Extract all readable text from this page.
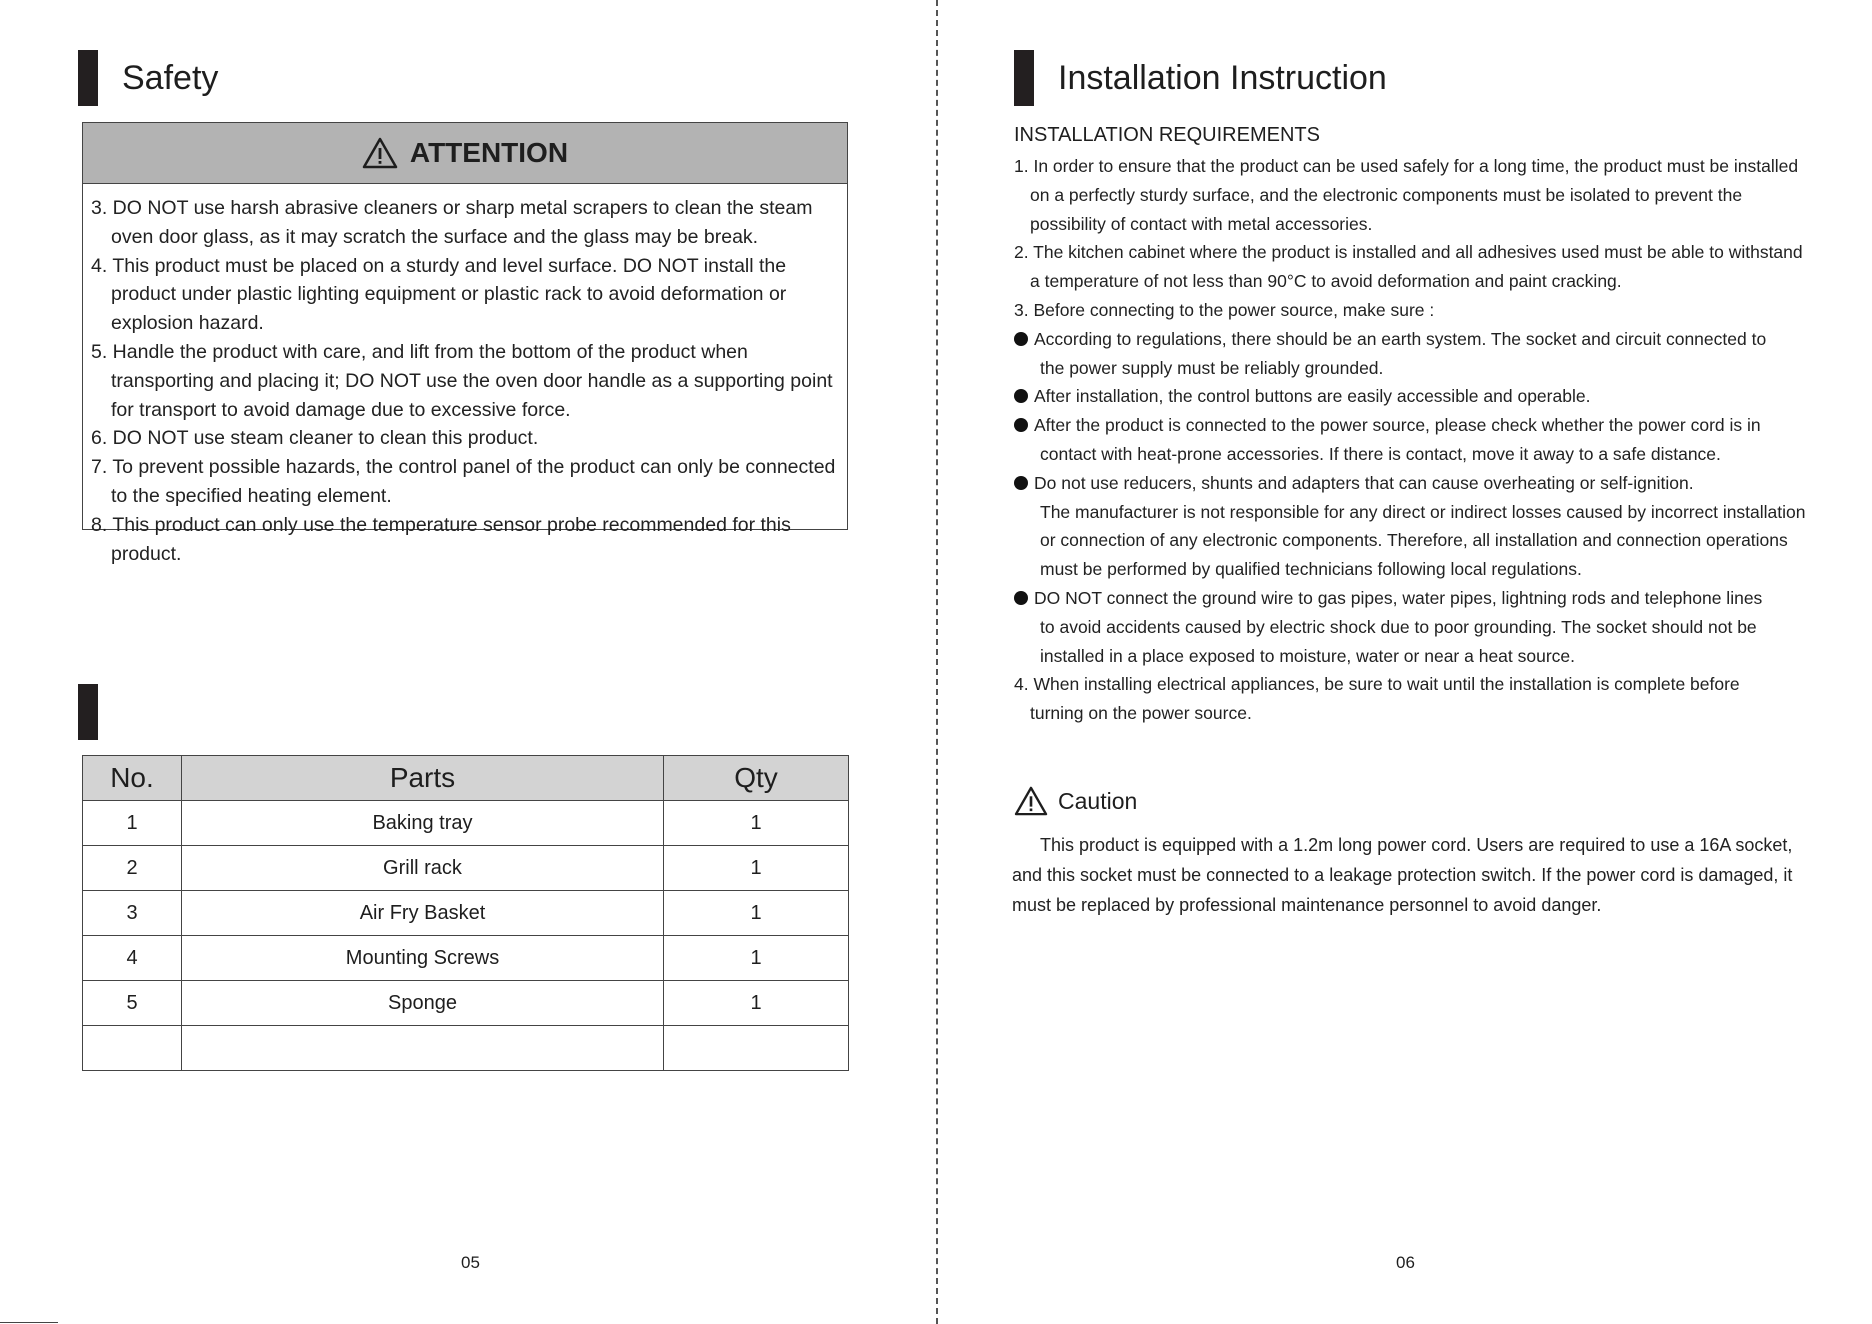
Safety
ATTENTION
3. DO NOT use harsh abrasive cleaners or sharp metal scrapers to clean the steam oven door glass, as it may scratch the surface and the glass may be break.
4. This product must be placed on a sturdy and level surface. DO NOT install the product under plastic lighting equipment or plastic rack to avoid deformation or explosion hazard.
5. Handle the product with care, and lift from the bottom of the product when transporting and placing it; DO NOT use the oven door handle as a supporting point for transport to avoid damage due to excessive force.
6. DO NOT use steam cleaner to clean this product.
7. To prevent possible hazards, the control panel of the product can only be connected to the specified heating element.
8. This product can only use the temperature sensor probe recommended for this product.
No.	Parts	Qty
1	Baking tray	1
2	Grill rack	1
3	Air Fry Basket	1
4	Mounting Screws	1
5	Sponge	1

05
Installation Instruction
INSTALLATION REQUIREMENTS
1. In order to ensure that the product can be used safely for a long time, the product must be installed
on a perfectly sturdy surface, and the electronic components must be isolated to prevent the
possibility of contact with metal accessories.
2. The kitchen cabinet where the product is installed and all adhesives used must be able to withstand
a temperature of not less than 90°C to avoid deformation and paint cracking.
3. Before connecting to the power source, make sure :
According to regulations, there should be an earth system. The socket and circuit connected to
the power supply must be reliably grounded.
After installation, the control buttons are easily accessible and operable.
After the product is connected to the power source, please check whether the power cord is in
contact with heat-prone accessories. If there is contact, move it away to a safe distance.
Do not use reducers, shunts and adapters that can cause overheating or self-ignition.
The manufacturer is not responsible for any direct or indirect losses caused by incorrect installation
or connection of any electronic components. Therefore, all installation and connection operations
must be performed by qualified technicians following local regulations.
DO NOT connect the ground wire to gas pipes, water pipes, lightning rods and telephone lines
to avoid accidents caused by electric shock due to poor grounding. The socket should not be
installed in a place exposed to moisture, water or near a heat source.
4. When installing electrical appliances, be sure to wait until the installation is complete before
turning on the power source.
Caution
This product is equipped with a 1.2m long power cord. Users are required to use a 16A socket, and this socket must be connected to a leakage protection switch. If the power cord is damaged, it must be replaced by professional maintenance personnel to avoid danger.
06
